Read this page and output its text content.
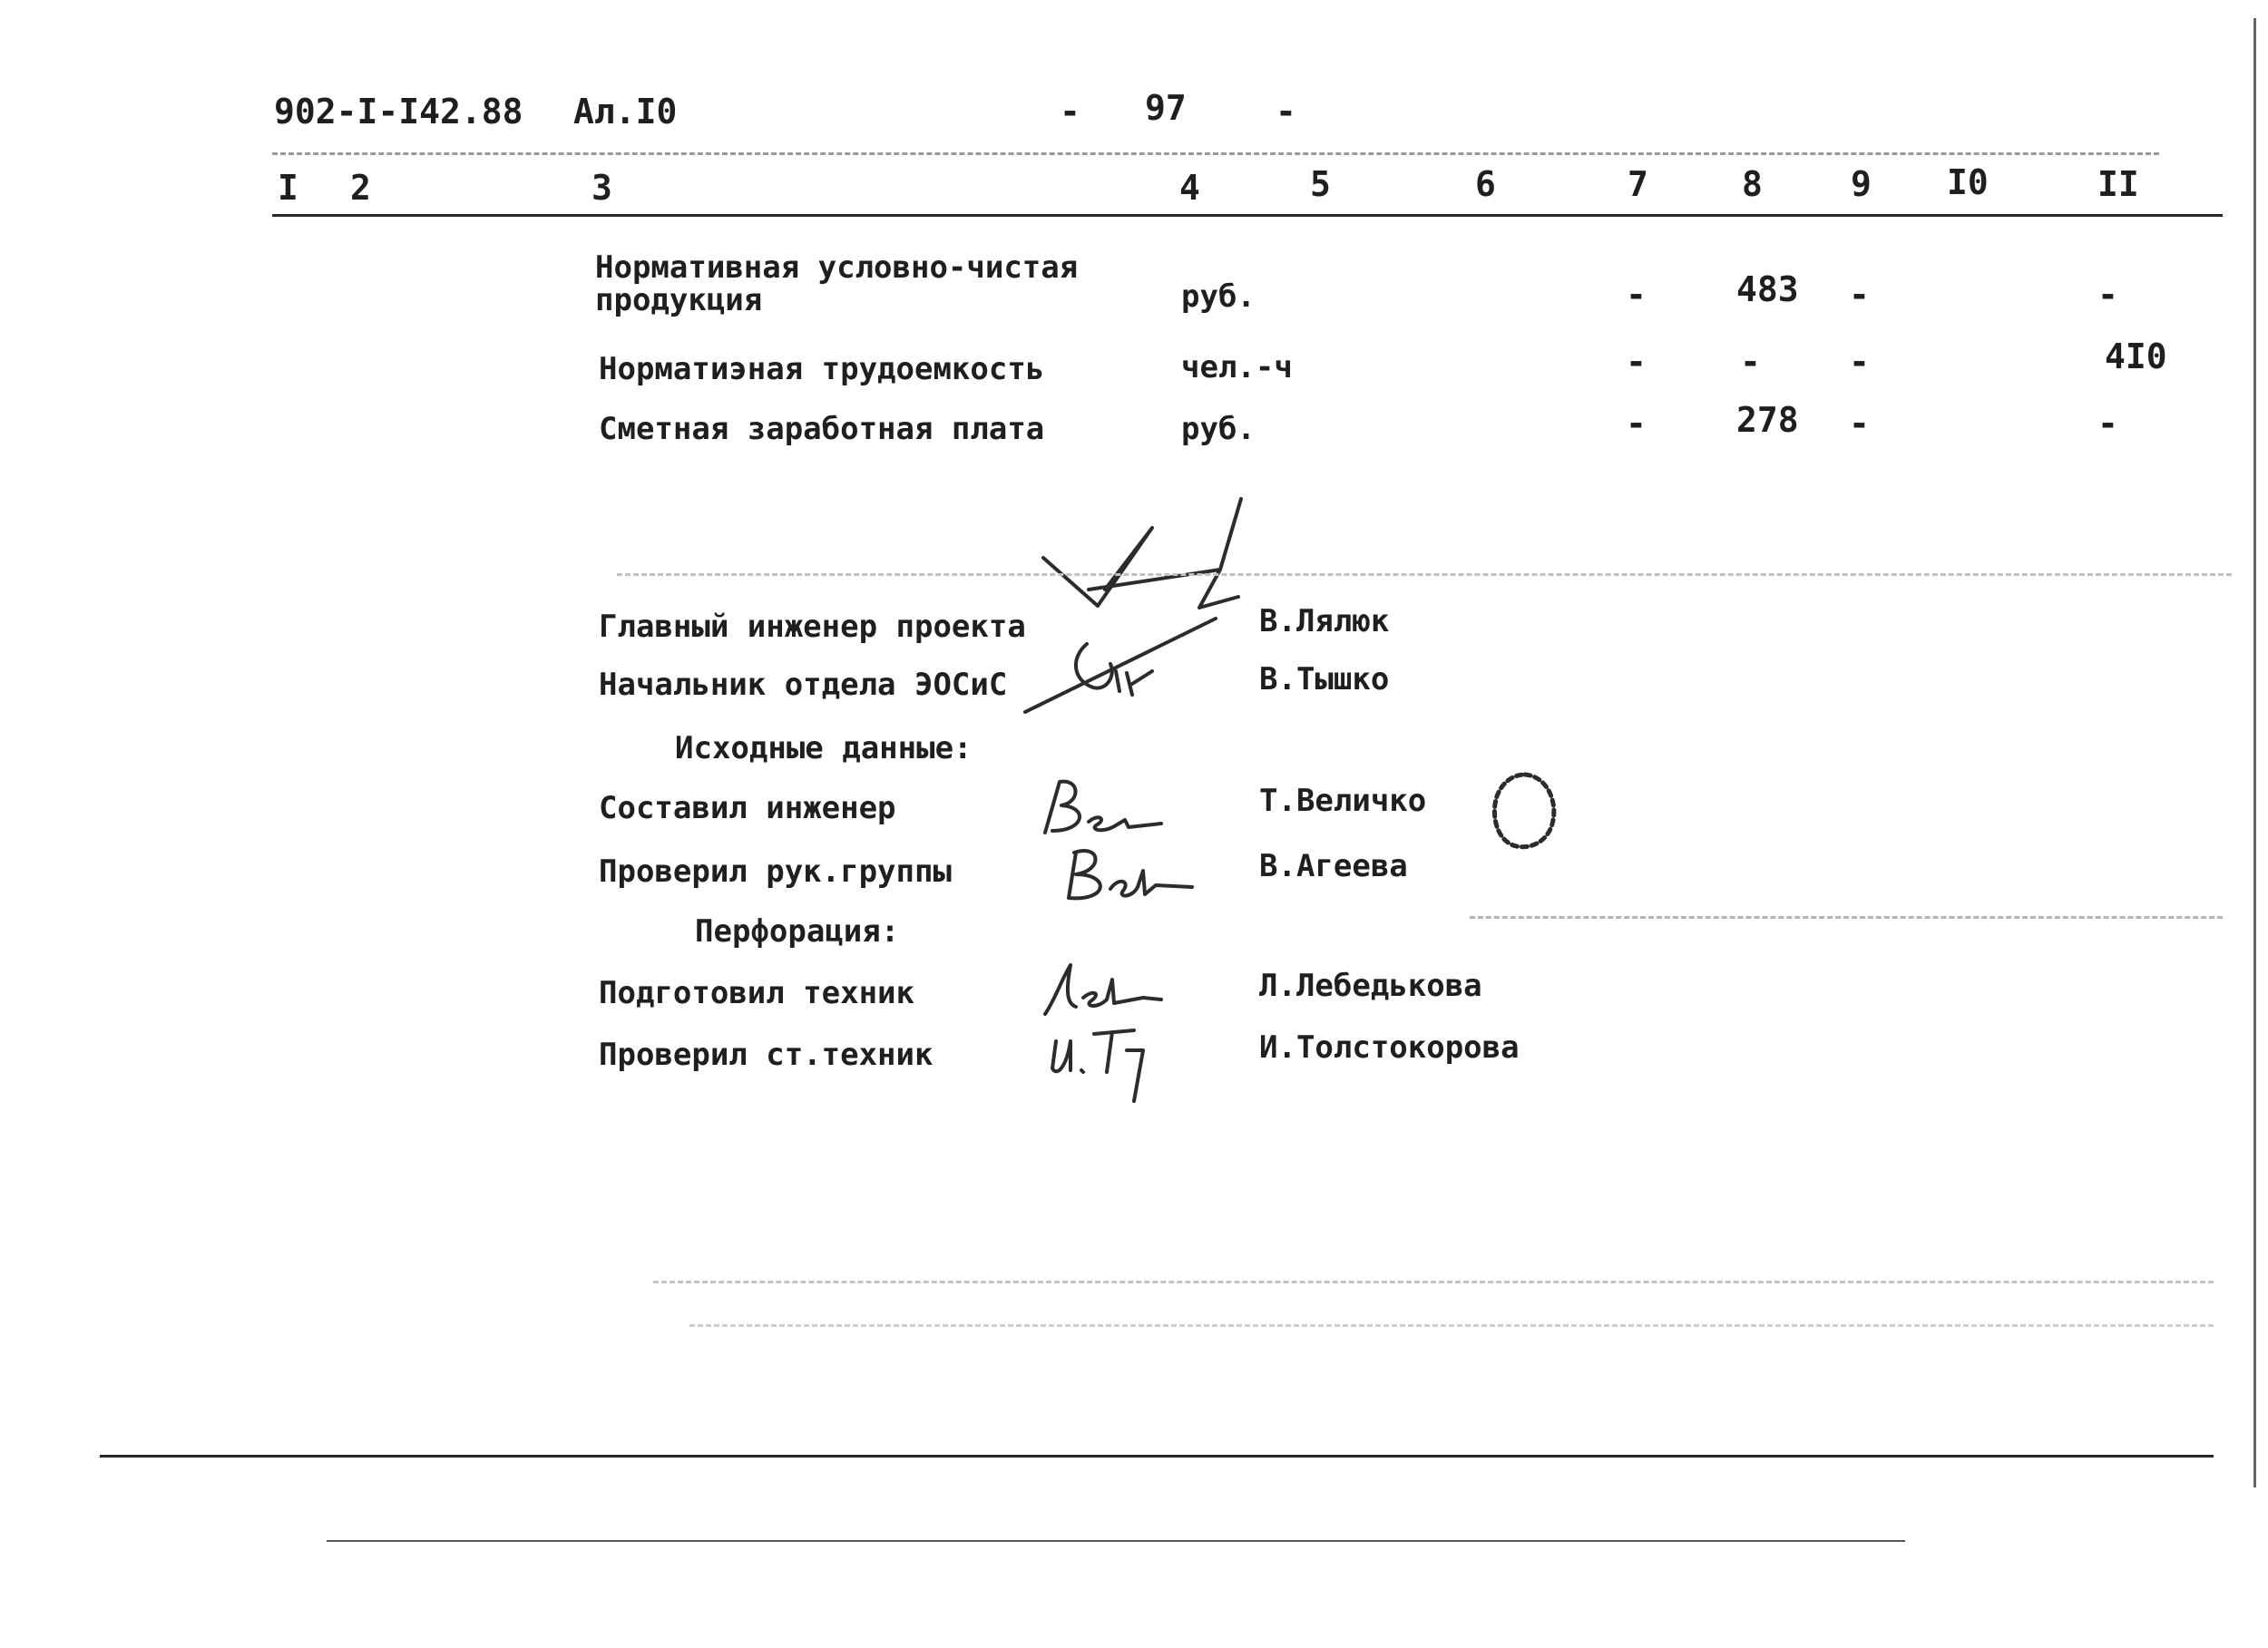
902-I-I42.88 Ал.I0	- 97	-
I 2	3	4	5	6	7	8	9 I0	II
Нормативная условно-чистая
продукция	руб.	-	483 -	-
Норматиэная трудоемкость	чел.-ч	-	-	-	4I0
Сметная заработная плата	руб.	-	278 -	-
Главный инженер проекта	В.Лялюк
Начальник отдела ЭОСиС	В.Тышко
Исходные данные:
Составил инженер	Т.Величко
Проверил рук.группы	В.Агеева
Перфорация:
Подготовил техник	Л.Лебедькова
Проверил ст.техник	И.Толстокорова
